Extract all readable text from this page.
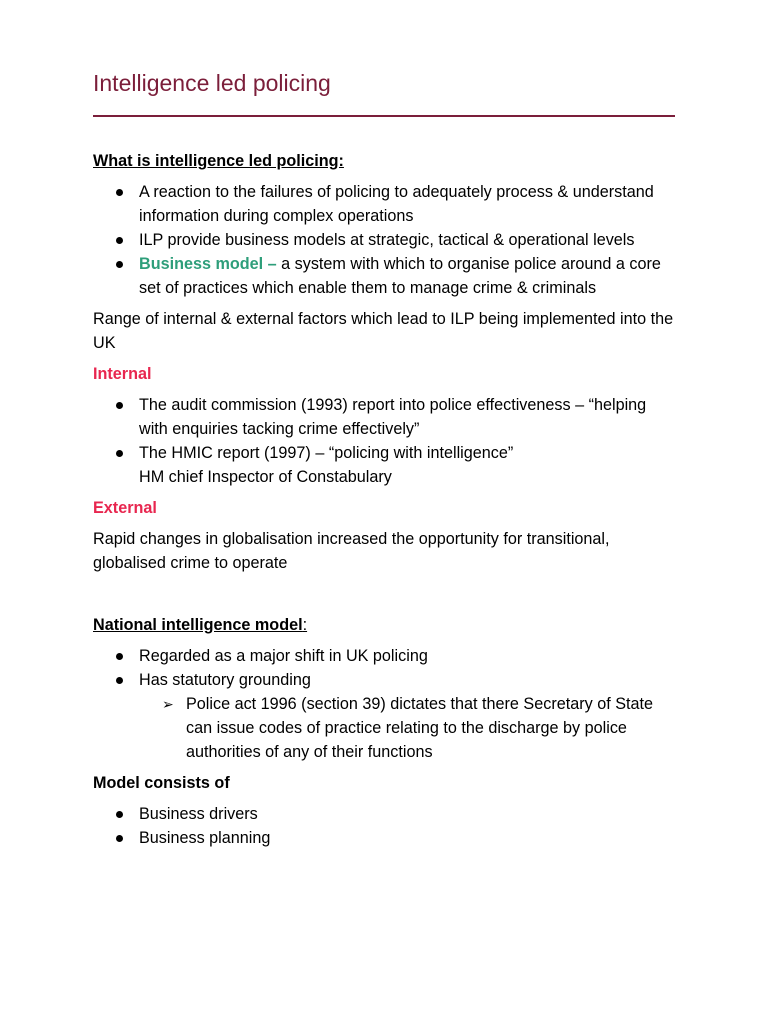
Intelligence led policing

What is intelligence led policing:

A reaction to the failures of policing to adequately process & understand information during complex operations
ILP provide business models at strategic, tactical & operational levels
Business model – a system with which to organise police around a core set of practices which enable them to manage crime & criminals

Range of internal & external factors which lead to ILP being implemented into the UK

Internal

The audit commission (1993) report into police effectiveness – “helping with enquiries tacking crime effectively”
The HMIC report (1997) – “policing with intelligence”
HM chief Inspector of Constabulary

External

Rapid changes in globalisation increased the opportunity for transitional, globalised crime to operate

National intelligence model:

Regarded as a major shift in UK policing
Has statutory grounding
➢ Police act 1996 (section 39) dictates that there Secretary of State can issue codes of practice relating to the discharge by police authorities of any of their functions

Model consists of

Business drivers
Business planning
